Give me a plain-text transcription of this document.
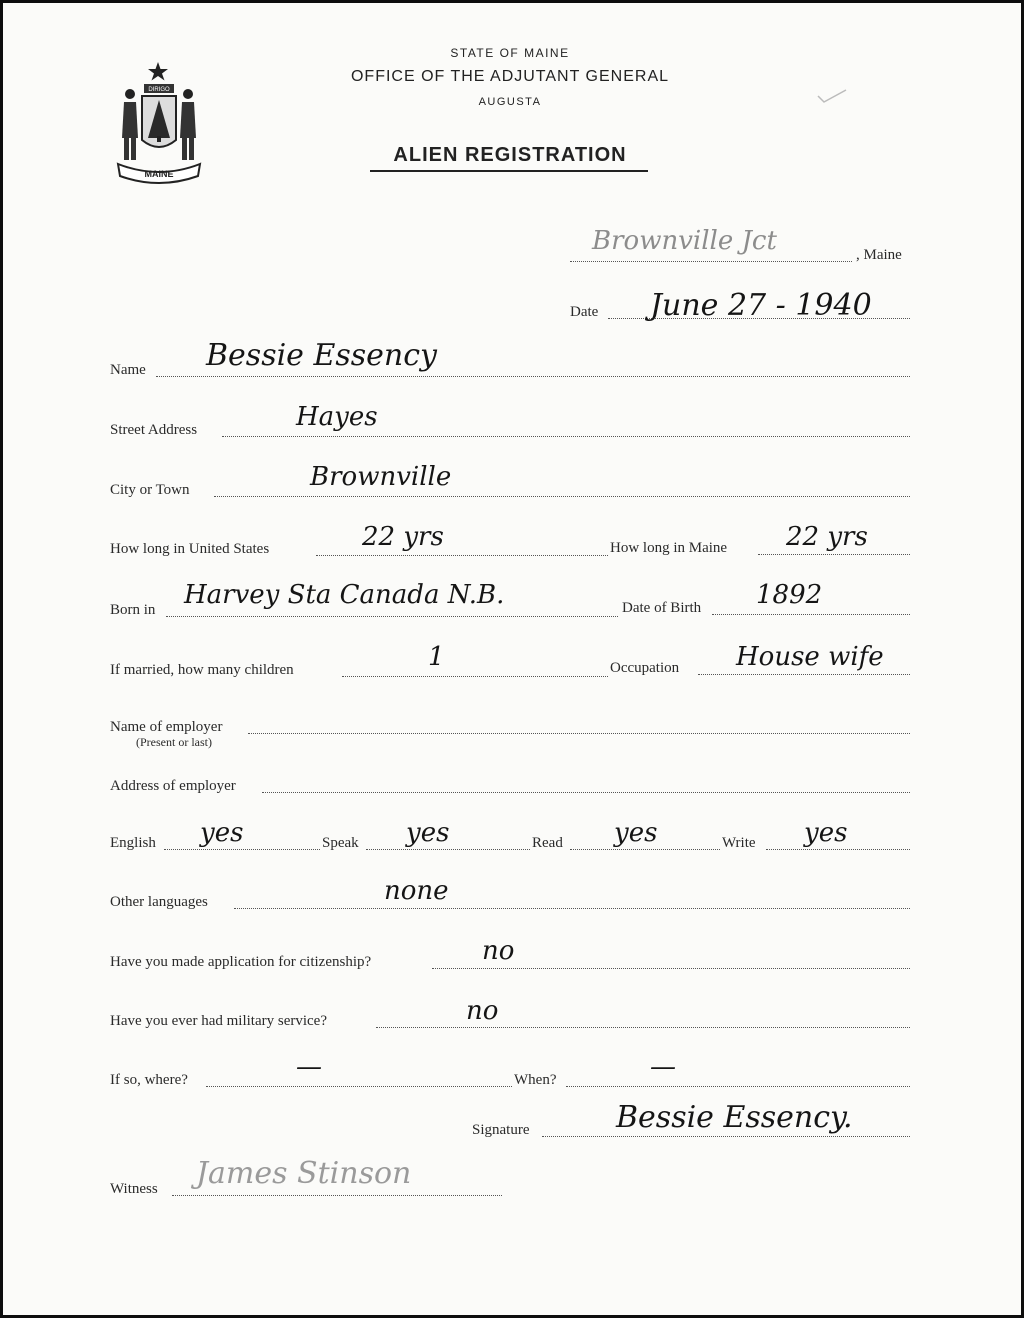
DIRIGO
MAINE
STATE OF MAINE
OFFICE OF THE ADJUTANT GENERAL
AUGUSTA
ALIEN REGISTRATION
Brownville Jct	, Maine
Date June 27 - 1940
Name Bessie Essency
Street Address	Hayes
City or Town	Brownville
How long in United States	22 yrs	How long in Maine 22 yrs
Born in Harvey Sta Canada N.B.	Date of Birth 1892
If married, how many children	1	Occupation House wife
Name of employer
(Present or last)
Address of employer
English yes	Speak yes	Read yes	Write yes
Other languages	none
Have you made application for citizenship?	no
Have you ever had military service?	no
If so, where?	—	When?	—
Signature	Bessie Essency.
Witness James Stinson
